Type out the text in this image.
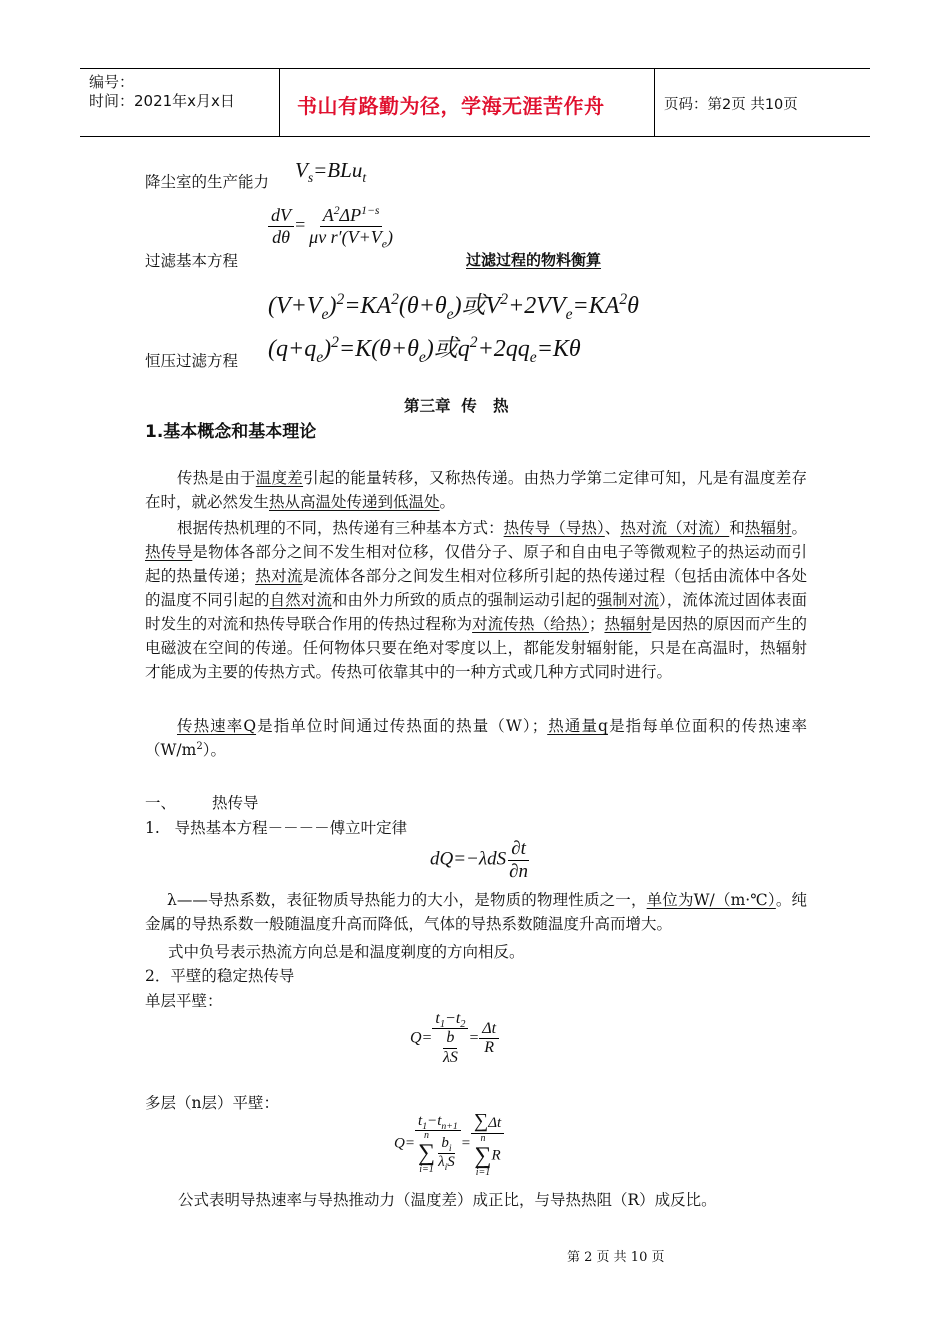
编号：
时间：2021年x月x日	书山有路勤为径，学海无涯苦作舟	页码：第2页 共10页
降尘室的生产能力 $V_s=BLu_t$
过滤基本方程
$\frac{dV}{d\theta} = \frac{A^2\Delta P^{1-s}}{\mu v r'(V+V_e)}$
过滤过程的物料衡算
$(V+V_e)^2=KA^2(\theta+\theta_e)$或$V^2+2VV_e=KA^2\theta$
$(q+q_e)^2=K(\theta+\theta_e)$或$q^2+2qq_e=K\theta$
恒压过滤方程
第三章  传   热
1.基本概念和基本理论
传热是由于温度差引起的能量转移，又称热传递。由热力学第二定律可知，凡是有温度差存在时，就必然发生热从高温处传递到低温处。
根据传热机理的不同，热传递有三种基本方式：热传导（导热）、热对流（对流）和热辐射。热传导是物体各部分之间不发生相对位移，仅借分子、原子和自由电子等微观粒子的热运动而引起的热量传递；热对流是流体各部分之间发生相对位移所引起的热传递过程（包括由流体中各处的温度不同引起的自然对流和由外力所致的质点的强制运动引起的强制对流），流体流过固体表面时发生的对流和热传导联合作用的传热过程称为对流传热（给热）；热辐射是因热的原因而产生的电磁波在空间的传递。任何物体只要在绝对零度以上，都能发射辐射能，只是在高温时，热辐射才能成为主要的传热方式。传热可依靠其中的一种方式或几种方式同时进行。
传热速率Q是指单位时间通过传热面的热量（W）；热通量q是指每单位面积的传热速率$(W/m^2)$。
一、 热传导
1.   导热基本方程－－－－傅立叶定律
$dQ=-\lambda dS \frac{\partial t}{\partial n}$
λ——导热系数，表征物质导热能力的大小，是物质的物理性质之一，单位为W/（m·℃）。纯金属的导热系数一般随温度升高而降低，气体的导热系数随温度升高而增大。
式中负号表示热流方向总是和温度剃度的方向相反。
2．平壁的稳定热传导
单层平壁：
$Q= \frac{t_1-t_2}{\frac{b}{\lambda S}} = \frac{\Delta t}{R}$
多层（n层）平壁：
$Q= t_1-t_{n+1}$
n
∑
$i=1 \frac{b_i}{\lambda_iS} = \sum\Delta t$
n
∑
i=1
R
公式表明导热速率与导热推动力（温度差）成正比，与导热热阻（R）成反比。
第 2 页 共 10 页
